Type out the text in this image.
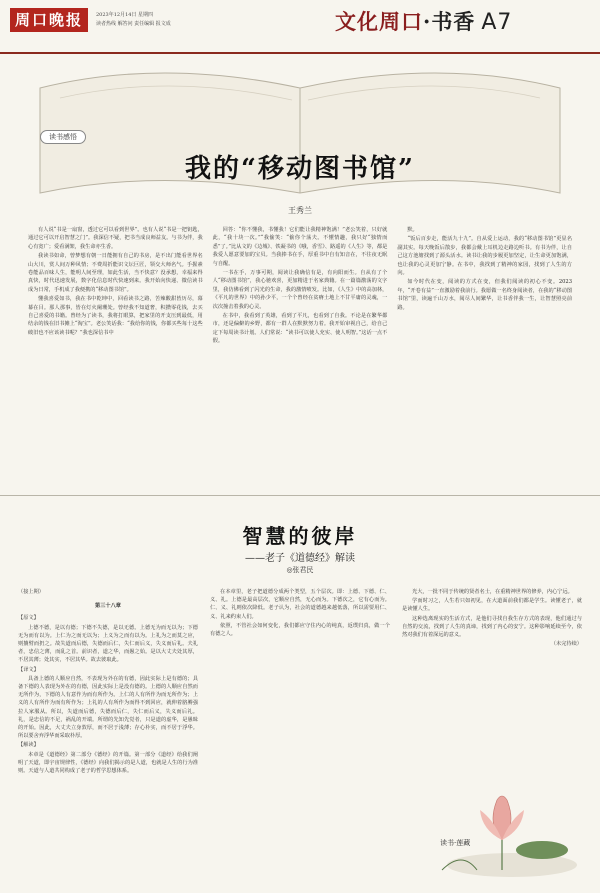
周口晚报	2023年12月14日 星期四
读者热线 解答问 责任编辑 报文成	文化周口·书香 A7
读书感悟
我的“移动图书馆”
王秀兰

有人说“书是一扇窗，透过它可以看到世界”。也有人说“书是一把钥匙，通过它可以开启智慧之门”。我深信不疑，把书当成良师益友。与书为伴，我心有宽广；爱看满架，我生命亦生香。

我读书如命，曾梦想有朝一日能拥有自己的书房，是不出门能看世界名山大川，赏人间万种风情；不费周折能识文坛巨匠，领交大师名气。手握素卷能品百味人生，能明人间至理，如此生活，当不快意？没承想，幸福来得真快，时代迅速发展，数字化信息时代快速到来。我开始向快递、微信读书成为日常，手机成了我便携的“移动图书馆”。

懂我喜爱如书，我在书中乾坤中，回看读书之路，苦辣酸甜皆历尽，幕幕在目。那人那事，皆在灯火阑珊处。曾经我不知道奢，积攒零花钱，去买自己喜爱的书籍。曾经为了读书，我将打眼算，把家里的开支压到最低，用结余的钱在旧书摊上“淘宝”。老公笑话我：“我给你的钱，你都买些每十这些破旧也不应该读书呢？”我也深信书中

回答：“你不懂我，书懂我！它们能让我精神饱满！”老公笑着，只好就此，“我十块一次。”“我偷笑：“偷你个荡夫。不懂情趣，我只好“独情而悉”了。”比从文的《边城》、铁凝书的《哦，香雪》、路遥的《人生》等，都是我爱人愿意要加的宝贝。当我捧书在手，厚重书中自有知音在，不往夜无眠与自醒。

一书在手，万事可期，阅读让我确信有是，有向阳而生。自从有了个人“移动图书馆”，我心驰欢喜，更加精进于名家典籍。在一篇篇激荡的文字里，我仿佛看到了闪光的生命，我的激情喷发。比如，《人生》中的高加林，《平凡的世界》中的孙少平，一个个曾经在贫瘠土地上不甘平庸的灵魂，一次次撞击着我的心灵。

在书中，我看到了英雄，看到了平凡，也看到了自我。不论是在繁华都市，还是偏僻的乡野，都有一群人在默默努力着。我开始审视自己，给自己定下每周读书计划。人们常说：“读书可以使人充实、使人明智。”这话一点不假。

默。

“饭后百步走，能活九十九”。自从爱上运动，我的“移动图书馆”更显名副其实。每天晚饭后散步，我都会戴上耳机边走路边听书。有书为伴，让自己这方池塘找到了源头活水。读书让我的步履更加坚定，让生命更加饱满，也让我的心灵更加宁静。在书中，我找到了精神的家园，找到了人生的方向。

如今时代在变，阅读的方式在变，但我们阅读的初心不变。2023年，“开卷有益”一直激励着我前行。我愿做一名终身阅读者，在我的“移动图书馆”里，读遍千山万水，阅尽人间繁华，让书香伴我一生，让智慧照亮前路。

智慧的彼岸
——老子《道德经》解读
◎张君民

（接上期）

第三十八章

【原文】

上德不德，是以有德；下德不失德，是以无德。上德无为而无以为；下德无为而有以为。上仁为之而无以为；上义为之而有以为。上礼为之而莫之应，则攘臂而扔之。故失道而后德，失德而后仁，失仁而后义，失义而后礼。夫礼者，忠信之薄，而乱之首。前识者，道之华，而愚之始。是以大丈夫处其厚，不居其薄；处其实，不居其华。故去彼取此。

【译文】

具备上德的人顺应自然，不表现为外在的有德，因此实际上是有德的；具备下德的人表现为外在的有德，因此实际上是没有德的。上德的人顺应自然而无所作为，下德的人有意作为而有所作为。上仁的人有所作为而无所作为；上义的人有所作为而有所作为；上礼的人有所作为而得不到回应，就伸着胳膊强拉人家服从。所以，失道而后德，失德而后仁，失仁而后义，失义而后礼。礼，是忠信的不足，祸乱的开端。所谓的先知先觉者，只是道的虚华，是愚昧的开始。因此，大丈夫立身敦厚，而不居于浅薄；存心朴实，而不居于浮华。所以要舍弃浮华而采取朴厚。

【解读】

本章是《道德经》第二部分《德经》的开篇。第一部分《道经》给我们阐明了天道，即宇宙规律性，《德经》向我们揭示的是人道，也就是人生的行为准则。天道与人道共同构成了老子的哲学思想体系。

在本章里，老子把道德分成两个类型，五个层次。即：上德、下德、仁、义、礼。上德是最高层次，它顺应自然，无心而为。下德次之，它有心而为。仁、义、礼则依次降低。老子认为，社会的道德越来越低落，所以需要用仁、义、礼来约束人们。

依照，不管社会如何变化，我们都应守住内心的纯真，返璞归真，做一个有德之人。

光大，一批不同于传统的贤者名士，在重精神世界的修养，内心宁远。

学而时习之，人生若只如初见，在大道面前我们都是学生。读懂老子，就是读懂人生。

这种选离现实的生活方式，是他们寻找自我生存方式的表现，他们通过与自然的交流，找到了人生的真谛，找到了内心的安宁。这种影响延续至今，依然对我们有着深远的意义。

（未完待续）

读书·莲藏
